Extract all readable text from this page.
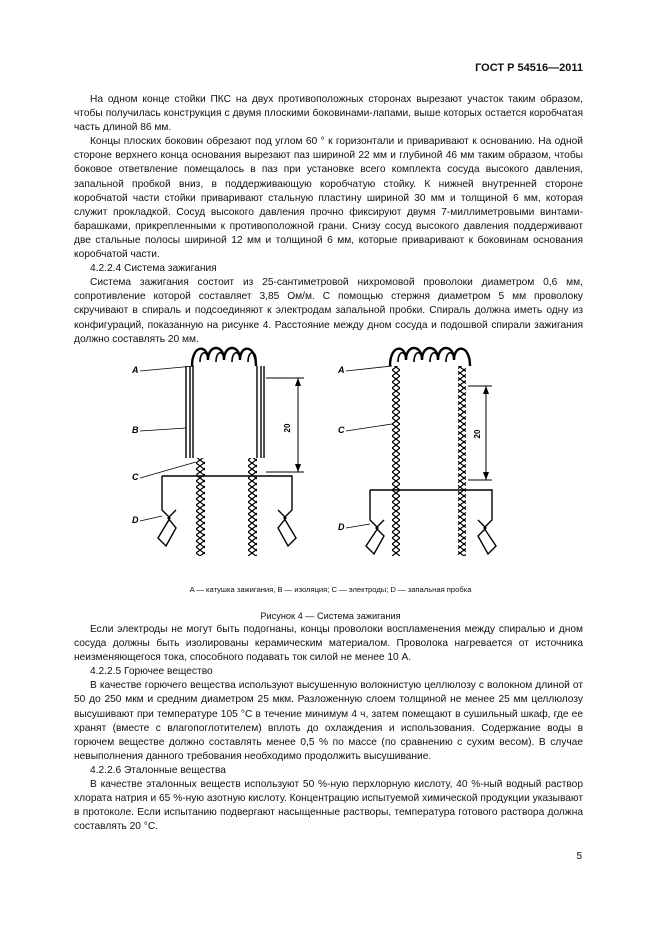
ГОСТ Р 54516—2011

На одном конце стойки ПКС на двух противоположных сторонах вырезают участок таким образом, чтобы получилась конструкция с двумя плоскими боковинами-лапами, выше которых остается коробчатая часть длиной 86 мм.

Концы плоских боковин обрезают под углом 60 ° к горизонтали и приваривают к основанию. На одной стороне верхнего конца основания вырезают паз шириной 22 мм и глубиной 46 мм таким образом, чтобы боковое ответвление помещалось в паз при установке всего комплекта сосуда высокого давления, запальной пробкой вниз, в поддерживающую коробчатую стойку. К нижней внутренней стороне коробчатой части стойки приваривают стальную пластину шириной 30 мм и толщиной 6 мм, которая служит прокладкой. Сосуд высокого давления прочно фиксируют двумя 7-миллиметровыми винтами-барашками, прикрепленными к противоположной грани. Снизу сосуд высокого давления поддерживают две стальные полосы шириной 12 мм и толщиной 6 мм, которые приваривают к боковинам основания коробчатой части.

4.2.2.4 Система зажигания

Система зажигания состоит из 25-сантиметровой нихромовой проволоки диаметром 0,6 мм, сопротивление которой составляет 3,85 Ом/м. С помощью стержня диаметром 5 мм проволоку скручивают в спираль и подсоединяют к электродам запальной пробки. Спираль должна иметь одну из конфигураций, показанную на рисунке 4. Расстояние между дном сосуда и подошвой спирали зажигания должно составлять 20 мм.

20
A
B
C
D
20
A
C
D
A — катушка зажигания, B — изоляция; C — электроды; D — запальная пробка
Рисунок 4 — Система зажигания

Если электроды не могут быть подогнаны, концы проволоки воспламенения между спиралью и дном сосуда должны быть изолированы керамическим материалом. Проволока нагревается от источника неизменяющегося тока, способного подавать ток силой не менее 10 А.

4.2.2.5 Горючее вещество

В качестве горючего вещества используют высушенную волокнистую целлюлозу с волокном длиной от 50 до 250 мкм и средним диаметром 25 мкм. Разложенную слоем толщиной не менее 25 мм целлюлозу высушивают при температуре 105 °C в течение минимум 4 ч, затем помещают в сушильный шкаф, где ее хранят (вместе с влагопоглотителем) вплоть до охлаждения и использования. Содержание воды в горючем веществе должно составлять менее 0,5 % по массе (по сравнению с сухим весом). В случае невыполнения данного требования необходимо продолжить высушивание.

4.2.2.6 Эталонные вещества

В качестве эталонных веществ используют 50 %-ную перхлорную кислоту, 40 %-ный водный раствор хлората натрия и 65 %-ную азотную кислоту. Концентрацию испытуемой химической продукции указывают в протоколе. Если испытанию подвергают насыщенные растворы, температура готового раствора должна составлять 20 °C.

5
